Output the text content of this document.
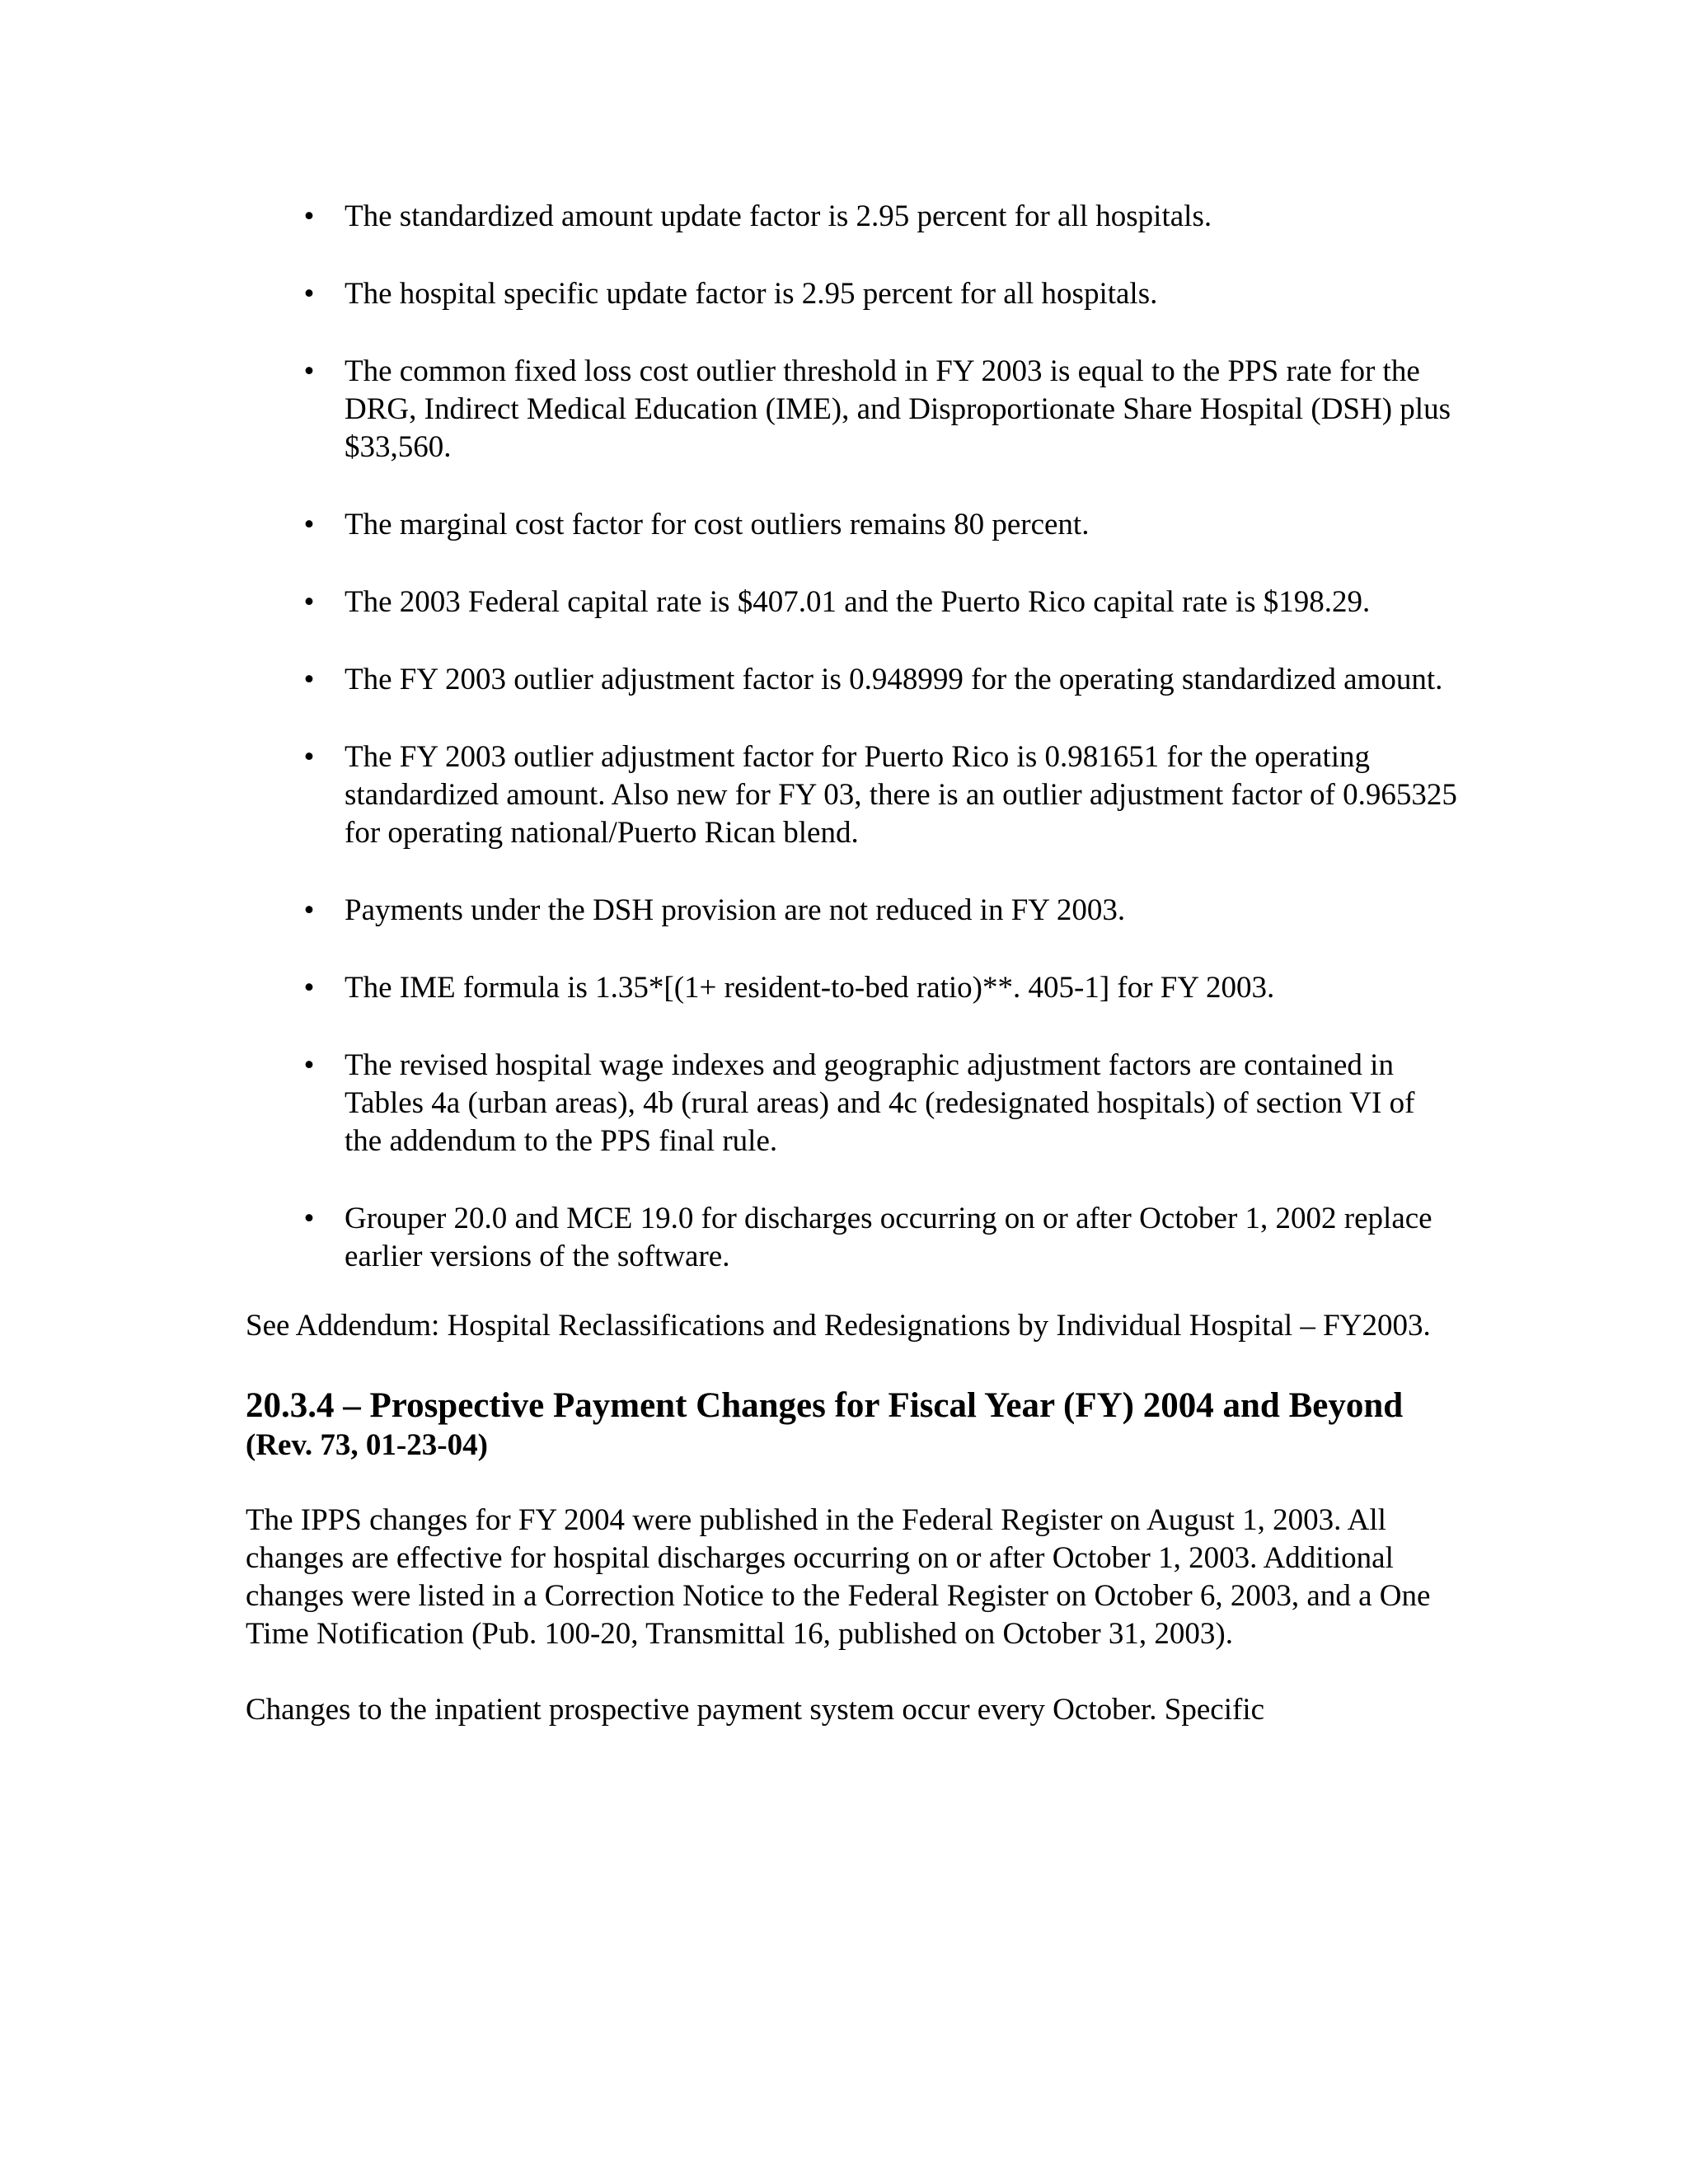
• The standardized amount update factor is 2.95 percent for all hospitals.
• The hospital specific update factor is 2.95 percent for all hospitals.
• The common fixed loss cost outlier threshold in FY 2003 is equal to the PPS rate for the DRG, Indirect Medical Education (IME), and Disproportionate Share Hospital (DSH) plus $33,560.
• The marginal cost factor for cost outliers remains 80 percent.
• The 2003 Federal capital rate is $407.01 and the Puerto Rico capital rate is $198.29.
• The FY 2003 outlier adjustment factor is 0.948999 for the operating standardized amount.
• The FY 2003 outlier adjustment factor for Puerto Rico is 0.981651 for the operating standardized amount. Also new for FY 03, there is an outlier adjustment factor of 0.965325 for operating national/Puerto Rican blend.
• Payments under the DSH provision are not reduced in FY 2003.
• The IME formula is 1.35*[(1+ resident-to-bed ratio)**. 405-1] for FY 2003.
• The revised hospital wage indexes and geographic adjustment factors are contained in Tables 4a (urban areas), 4b (rural areas) and 4c (redesignated hospitals) of section VI of the addendum to the PPS final rule.
• Grouper 20.0 and MCE 19.0 for discharges occurring on or after October 1, 2002 replace earlier versions of the software.

See Addendum: Hospital Reclassifications and Redesignations by Individual Hospital – FY2003.

20.3.4 – Prospective Payment Changes for Fiscal Year (FY) 2004 and Beyond

(Rev. 73, 01-23-04)

The IPPS changes for FY 2004 were published in the Federal Register on August 1, 2003. All changes are effective for hospital discharges occurring on or after October 1, 2003. Additional changes were listed in a Correction Notice to the Federal Register on October 6, 2003, and a One Time Notification (Pub. 100-20, Transmittal 16, published on October 31, 2003).

Changes to the inpatient prospective payment system occur every October. Specific
